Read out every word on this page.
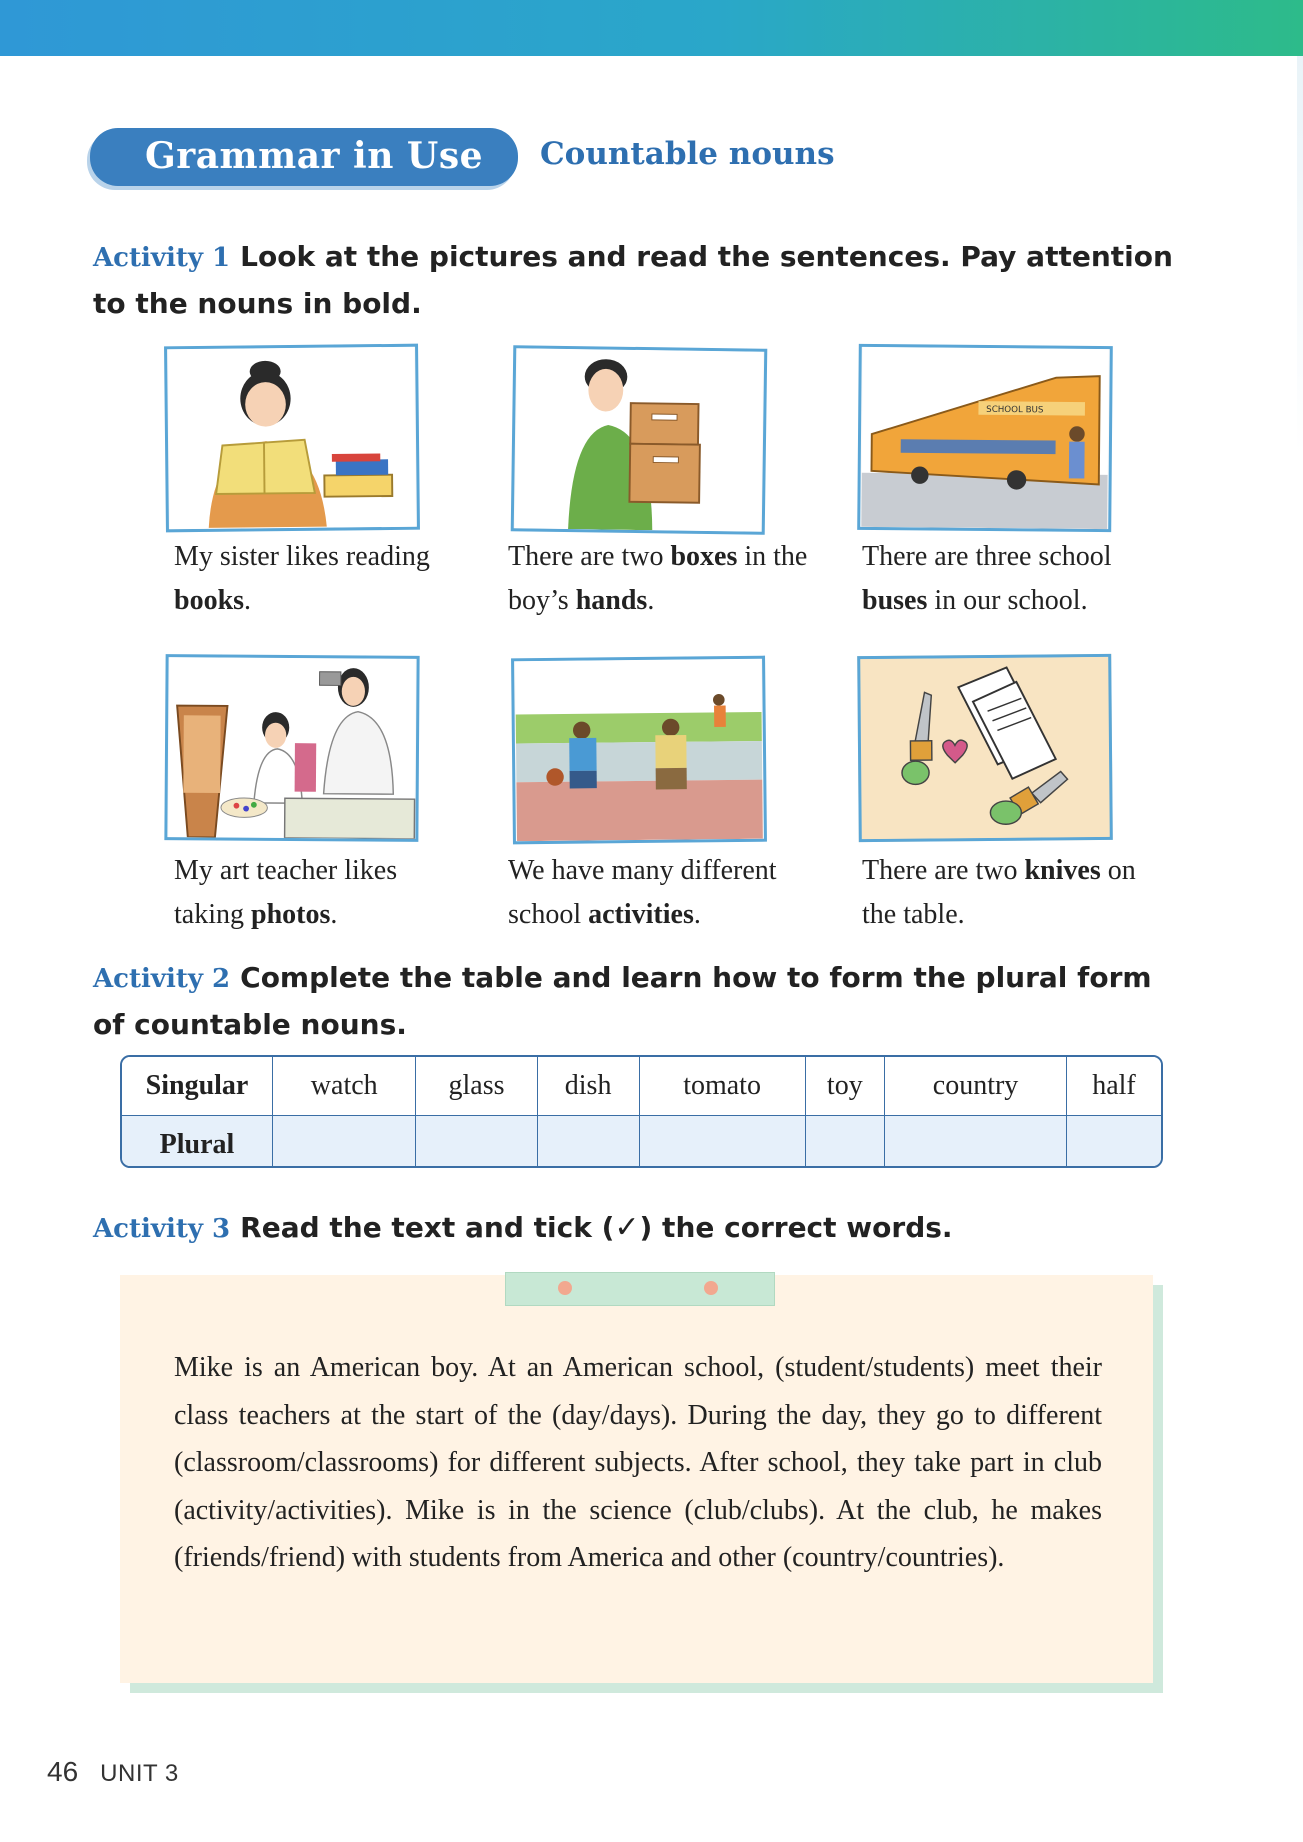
Grammar in Use Countable nouns
Activity 1 Look at the pictures and read the sentences. Pay attention to the nouns in bold.
My sister likes reading books.
There are two boxes in the boy’s hands.
SCHOOL BUS
There are three school buses in our school.
My art teacher likes taking photos.
We have many different school activities.
There are two knives on the table.
Activity 2 Complete the table and learn how to form the plural form of countable nouns.
Singular	watch	glass	dish	tomato	toy	country	half
Plural							
Activity 3 Read the text and tick (✓) the correct words.
Mike is an American boy. At an American school, (student/students) meet their class teachers at the start of the (day/days). During the day, they go to different (classroom/classrooms) for different subjects. After school, they take part in club (activity/activities). Mike is in the science (club/clubs). At the club, he makes (friends/friend) with students from America and other (country/countries).
46 UNIT 3
